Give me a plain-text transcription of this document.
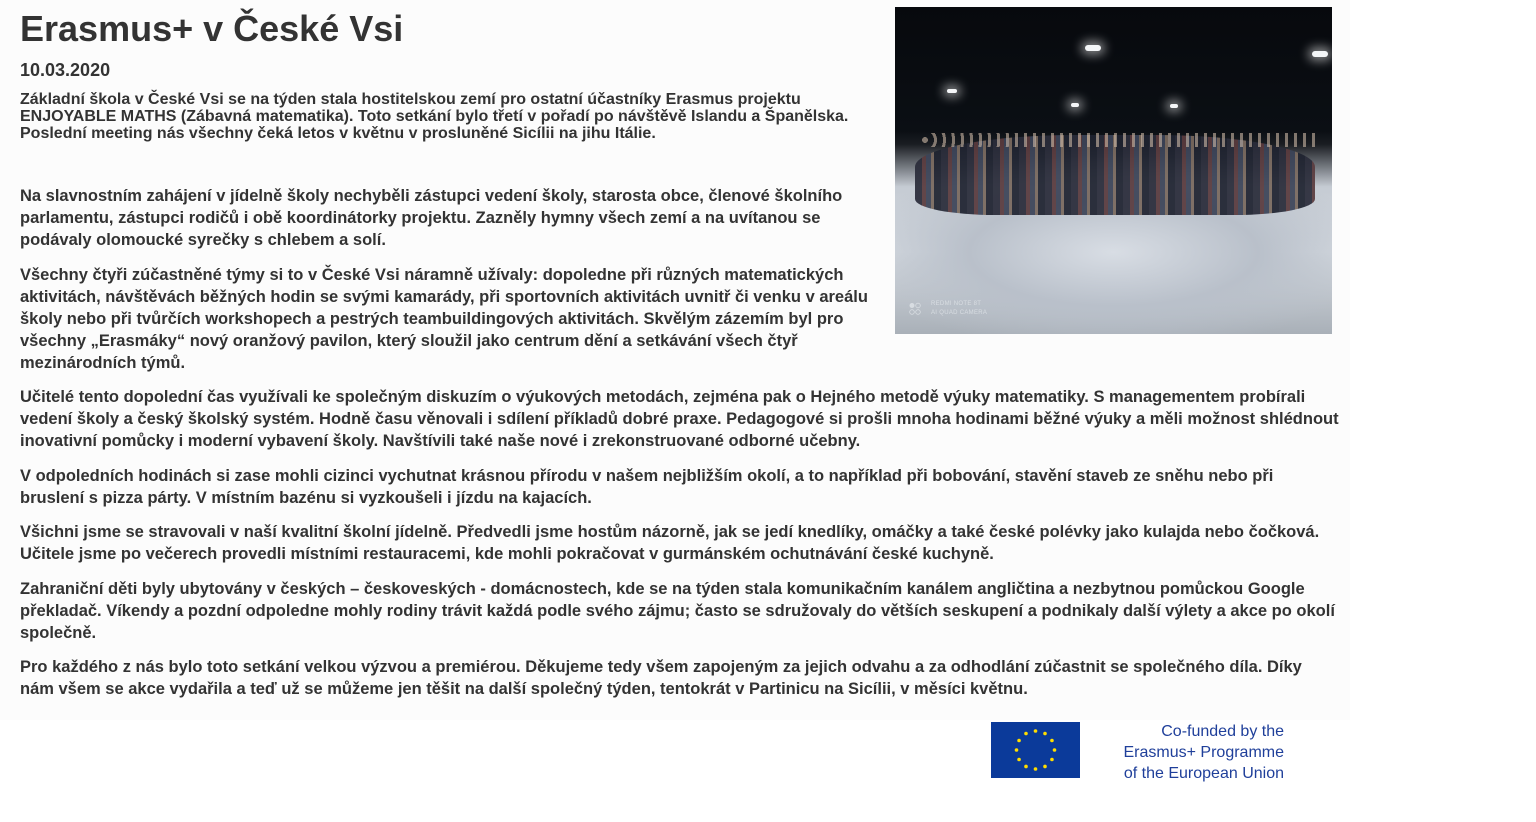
Erasmus+ v České Vsi
10.03.2020

Základní škola v České Vsi se na týden stala hostitelskou zemí pro ostatní účastníky Erasmus projektu ENJOYABLE MATHS (Zábavná matematika). Toto setkání bylo třetí v pořadí po návštěvě Islandu a Španělska. Poslední meeting nás všechny čeká letos v květnu v prosluněné Sicílii na jihu Itálie.

REDMI NOTE 8T
AI QUAD CAMERA

Na slavnostním zahájení v jídelně školy nechyběli zástupci vedení školy, starosta obce, členové školního parlamentu, zástupci rodičů i obě koordinátorky projektu. Zazněly hymny všech zemí a na uvítanou se podávaly olomoucké syrečky s chlebem a solí.

Všechny čtyři zúčastněné týmy si to v České Vsi náramně užívaly: dopoledne při různých matematických aktivitách, návštěvách běžných hodin se svými kamarády, při sportovních aktivitách uvnitř či venku v areálu školy nebo při tvůrčích workshopech a pestrých teambuildingových aktivitách. Skvělým zázemím byl pro všechny „Erasmáky“ nový oranžový pavilon, který sloužil jako centrum dění a setkávání všech čtyř mezinárodních týmů.

Učitelé tento dopolední čas využívali ke společným diskuzím o výukových metodách, zejména pak o Hejného metodě výuky matematiky. S managementem probírali vedení školy a český školský systém. Hodně času věnovali i sdílení příkladů dobré praxe. Pedagogové si prošli mnoha hodinami běžné výuky a měli možnost shlédnout inovativní pomůcky i moderní vybavení školy. Navštívili také naše nové i zrekonstruované odborné učebny.

V odpoledních hodinách si zase mohli cizinci vychutnat krásnou přírodu v našem nejbližším okolí, a to například při bobování, stavění staveb ze sněhu nebo při bruslení s pizza párty. V místním bazénu si vyzkoušeli i jízdu na kajacích.

Všichni jsme se stravovali v naší kvalitní školní jídelně. Předvedli jsme hostům názorně, jak se jedí knedlíky, omáčky a také české polévky jako kulajda nebo čočková. Učitele jsme po večerech provedli místními restauracemi, kde mohli pokračovat v gurmánském ochutnávání české kuchyně.

Zahraniční děti byly ubytovány v českých – českoveských - domácnostech, kde se na týden stala komunikačním kanálem angličtina a nezbytnou pomůckou Google překladač. Víkendy a pozdní odpoledne mohly rodiny trávit každá podle svého zájmu; často se sdružovaly do větších seskupení a podnikaly další výlety a akce po okolí společně.

Pro každého z nás bylo toto setkání velkou výzvou a premiérou. Děkujeme tedy všem zapojeným za jejich odvahu a za odhodlání zúčastnit se společného díla. Díky nám všem se akce vydařila a teď už se můžeme jen těšit na další společný týden, tentokrát v Partinicu na Sicílii, v měsíci květnu.

Co-funded by the
Erasmus+ Programme
of the European Union
